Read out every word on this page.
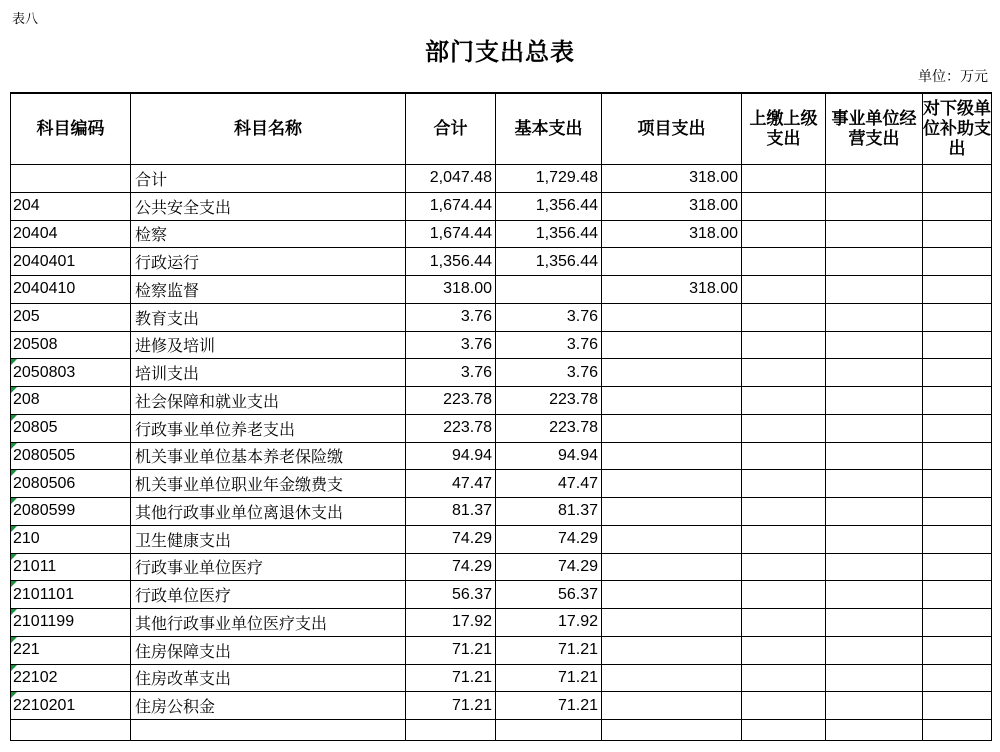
表八
部门支出总表
单位：万元
科目编码	科目名称	合计	基本支出	项目支出	上缴上级支出	事业单位经营支出	对下级单位补助支出
	合计	2,047.48	1,729.48	318.00			
204	公共安全支出	1,674.44	1,356.44	318.00			
20404	检察	1,674.44	1,356.44	318.00			
2040401	行政运行	1,356.44	1,356.44				
2040410	检察监督	318.00		318.00			
205	教育支出	3.76	3.76				
20508	进修及培训	3.76	3.76				
2050803	培训支出	3.76	3.76				
208	社会保障和就业支出	223.78	223.78				
20805	行政事业单位养老支出	223.78	223.78				
2080505	机关事业单位基本养老保险缴	94.94	94.94				
2080506	机关事业单位职业年金缴费支	47.47	47.47				
2080599	其他行政事业单位离退休支出	81.37	81.37				
210	卫生健康支出	74.29	74.29				
21011	行政事业单位医疗	74.29	74.29				
2101101	行政单位医疗	56.37	56.37				
2101199	其他行政事业单位医疗支出	17.92	17.92				
221	住房保障支出	71.21	71.21				
22102	住房改革支出	71.21	71.21				
2210201	住房公积金	71.21	71.21				
